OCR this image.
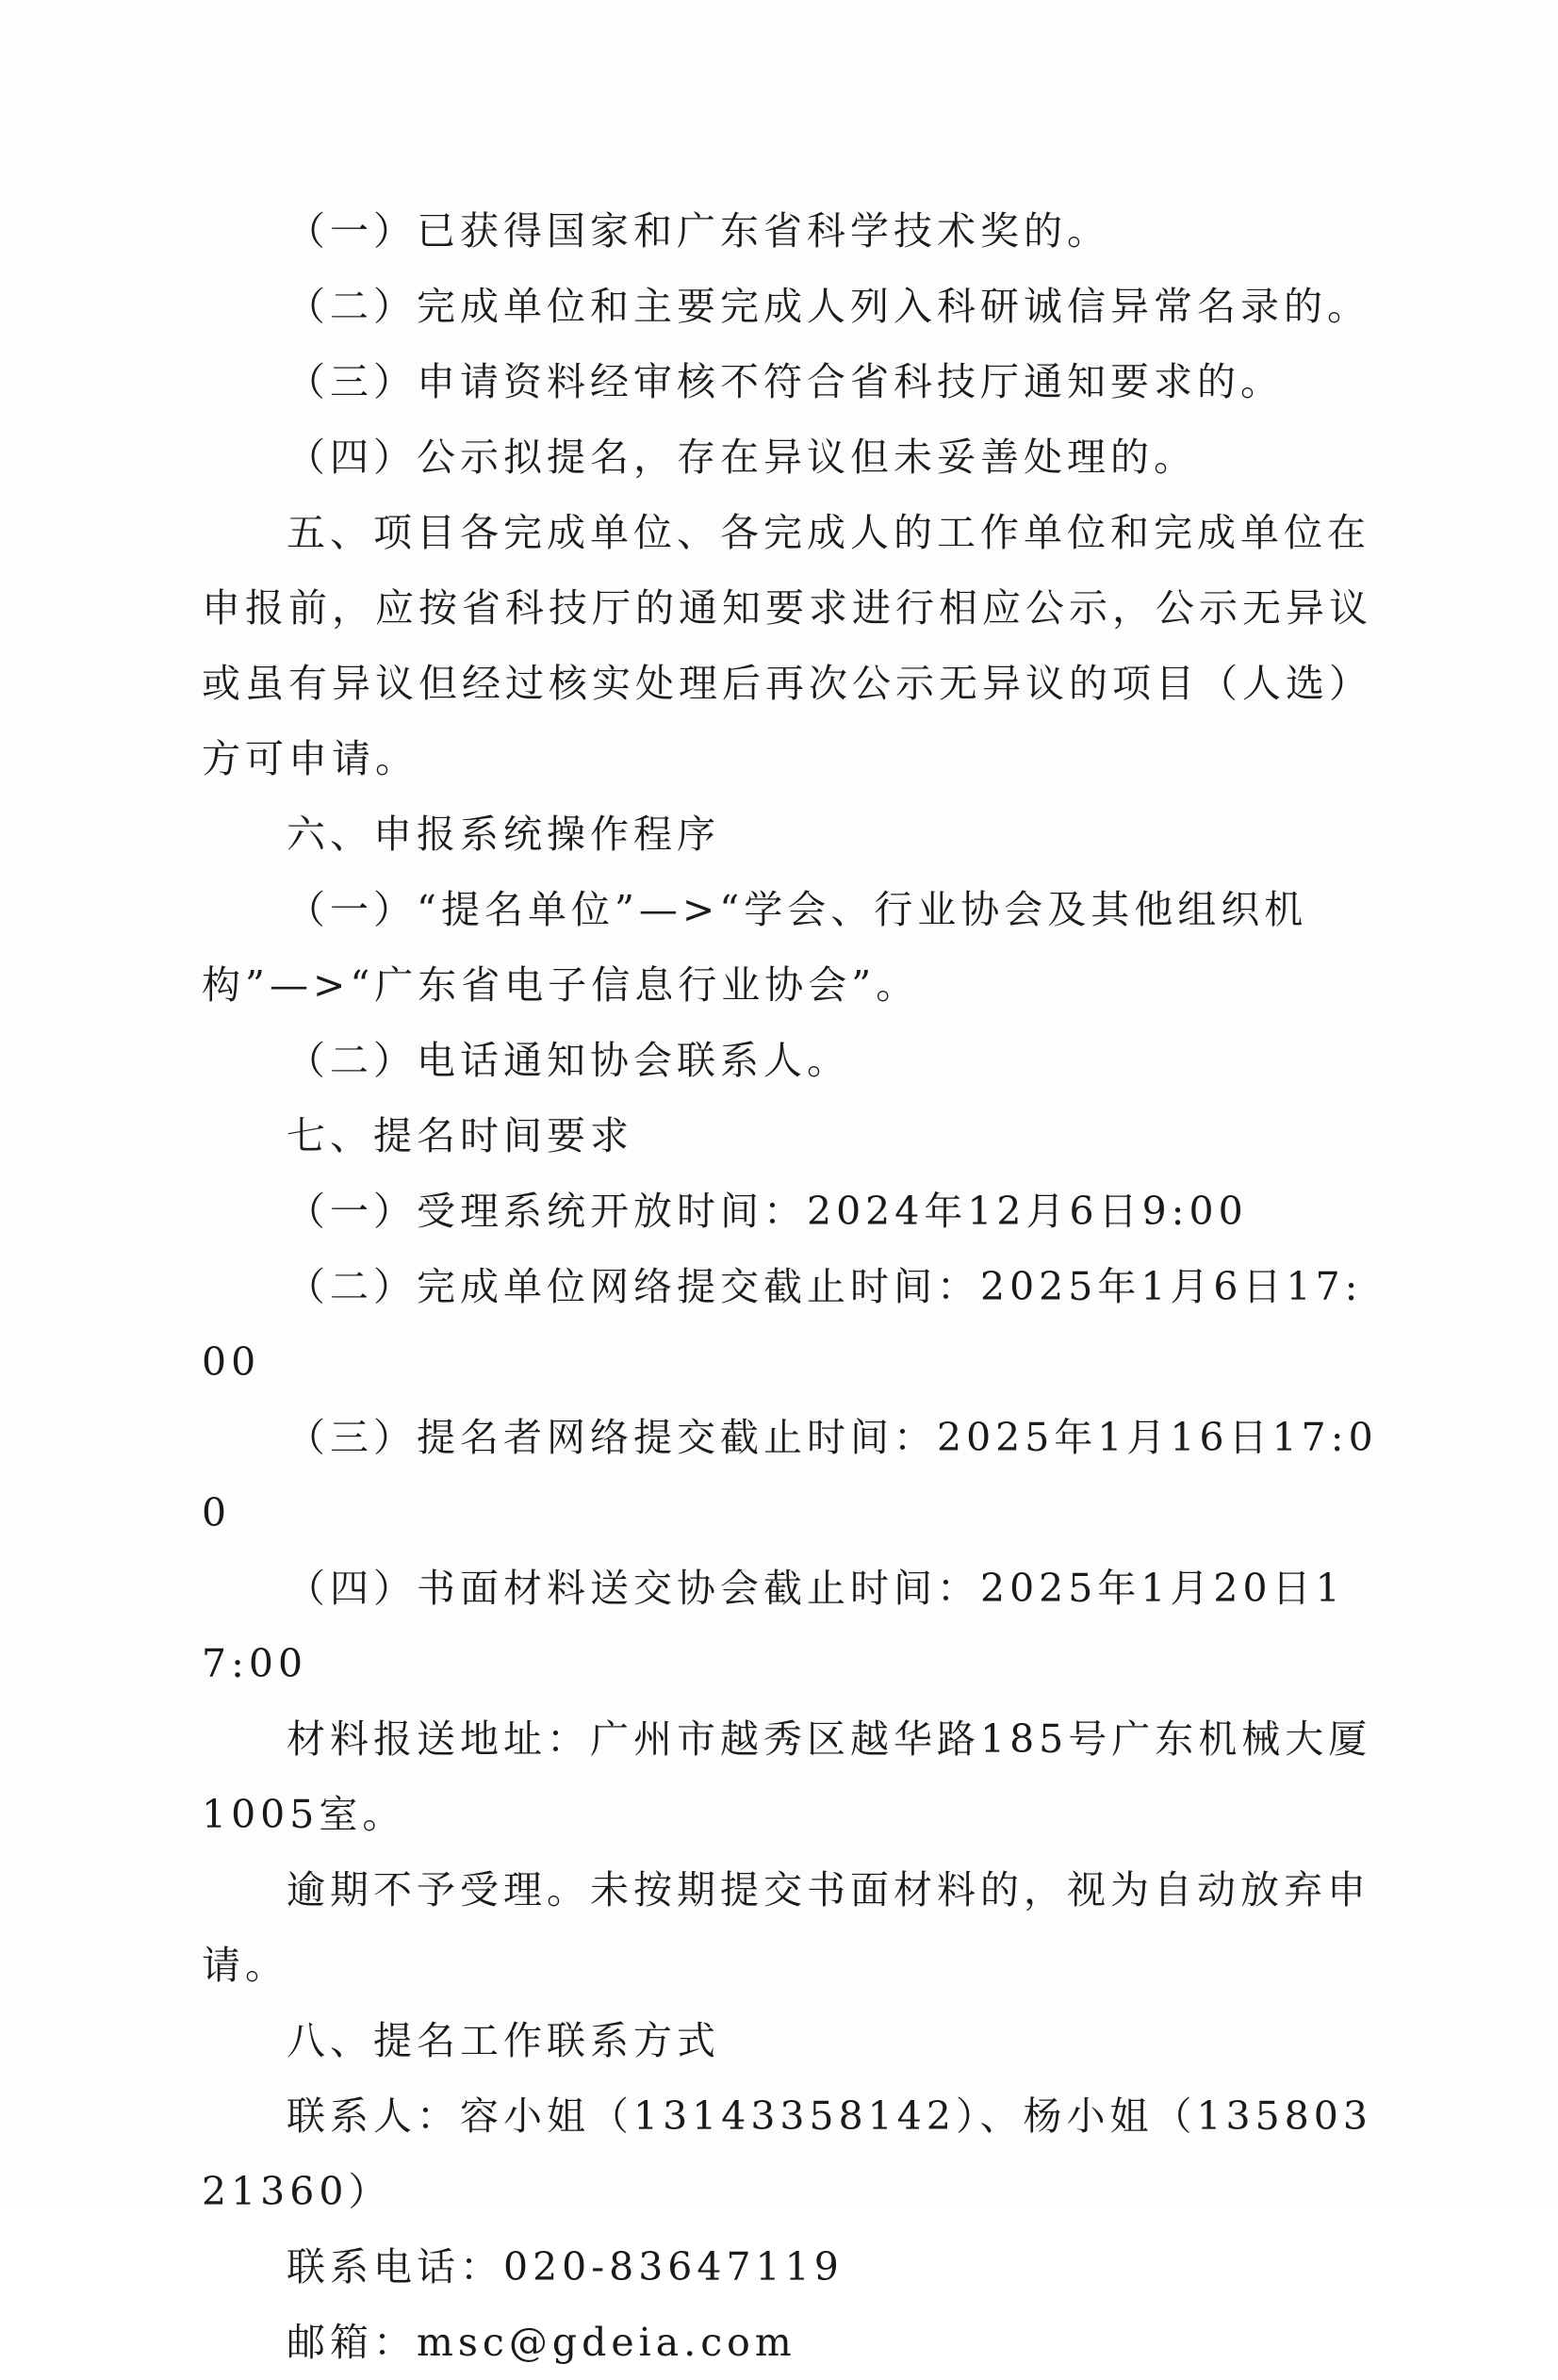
（一）已获得国家和广东省科学技术奖的。

（二）完成单位和主要完成人列入科研诚信异常名录的。

（三）申请资料经审核不符合省科技厅通知要求的。

（四）公示拟提名，存在异议但未妥善处理的。

五、项目各完成单位、各完成人的工作单位和完成单位在申报前，应按省科技厅的通知要求进行相应公示，公示无异议或虽有异议但经过核实处理后再次公示无异议的项目（人选）方可申请。

六、申报系统操作程序

（一）“提名单位”—>“学会、行业协会及其他组织机构”—>“广东省电子信息行业协会”。

（二）电话通知协会联系人。

七、提名时间要求

（一）受理系统开放时间：2024年12月6日9:00

（二）完成单位网络提交截止时间：2025年1月6日17:00

（三）提名者网络提交截止时间：2025年1月16日17:00

（四）书面材料送交协会截止时间：2025年1月20日17:00

材料报送地址：广州市越秀区越华路185号广东机械大厦1005室。

逾期不予受理。未按期提交书面材料的，视为自动放弃申请。

八、提名工作联系方式

联系人：容小姐（13143358142）、杨小姐（13580321360）

联系电话：020-83647119

邮箱：msc@gdeia.com
